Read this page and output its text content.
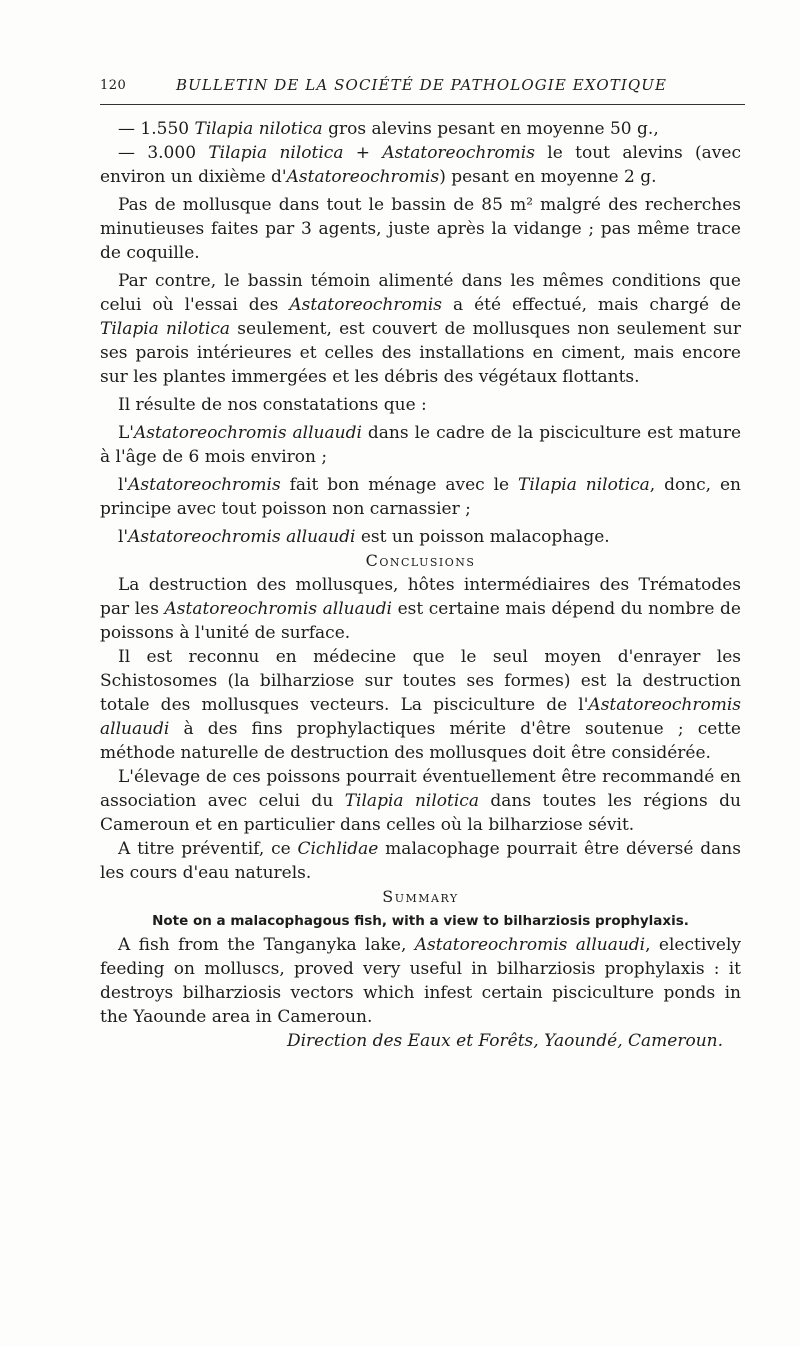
120	BULLETIN DE LA SOCIÉTÉ DE PATHOLOGIE EXOTIQUE

— 1.550 Tilapia nilotica gros alevins pesant en moyenne 50 g.,

— 3.000 Tilapia nilotica + Astatoreochromis le tout alevins (avec environ un dixième d'Astatoreochromis) pesant en moyenne 2 g.

Pas de mollusque dans tout le bassin de 85 m² malgré des recherches minutieuses faites par 3 agents, juste après la vidange ; pas même trace de coquille.

Par contre, le bassin témoin alimenté dans les mêmes conditions que celui où l'essai des Astatoreochromis a été effectué, mais chargé de Tilapia nilotica seulement, est couvert de mollusques non seulement sur ses parois intérieures et celles des installations en ciment, mais encore sur les plantes immergées et les débris des végétaux flottants.

Il résulte de nos constatations que :

L'Astatoreochromis alluaudi dans le cadre de la pisciculture est mature à l'âge de 6 mois environ ;

l'Astatoreochromis fait bon ménage avec le Tilapia nilotica, donc, en principe avec tout poisson non carnassier ;

l'Astatoreochromis alluaudi est un poisson malacophage.

Conclusions

La destruction des mollusques, hôtes intermédiaires des Trématodes par les Astatoreochromis alluaudi est certaine mais dépend du nombre de poissons à l'unité de surface.

Il est reconnu en médecine que le seul moyen d'enrayer les Schistosomes (la bilharziose sur toutes ses formes) est la destruction totale des mollusques vecteurs. La pisciculture de l'Astatoreochromis alluaudi à des fins prophylactiques mérite d'être soutenue ; cette méthode naturelle de destruction des mollusques doit être considérée.

L'élevage de ces poissons pourrait éventuellement être recommandé en association avec celui du Tilapia nilotica dans toutes les régions du Cameroun et en particulier dans celles où la bilharziose sévit.

A titre préventif, ce Cichlidae malacophage pourrait être déversé dans les cours d'eau naturels.

Summary

Note on a malacophagous fish, with a view to bilharziosis prophylaxis.

A fish from the Tanganyka lake, Astatoreochromis alluaudi, electively feeding on molluscs, proved very useful in bilharziosis prophylaxis : it destroys bilharziosis vectors which infest certain pisciculture ponds in the Yaounde area in Cameroun.

Direction des Eaux et Forêts, Yaoundé, Cameroun.
